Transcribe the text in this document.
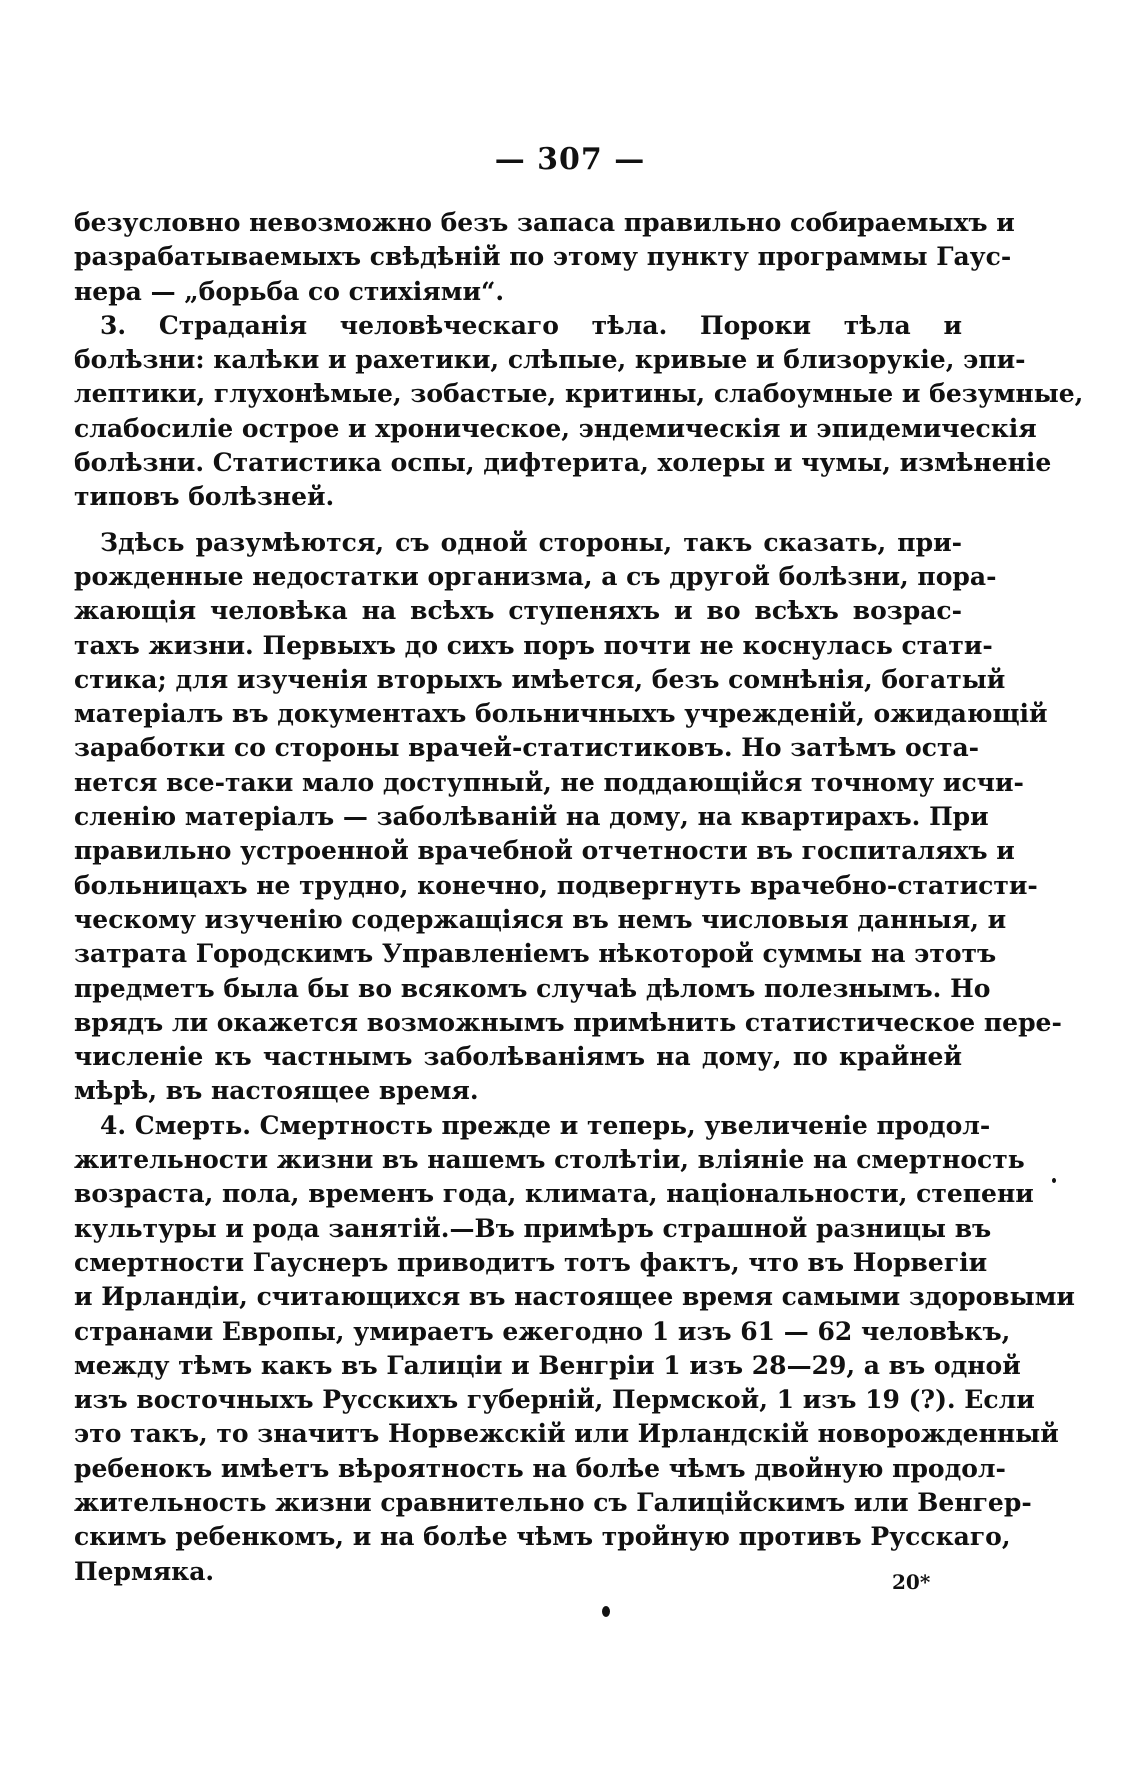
— 307 —
безусловно невозможно безъ запаса правильно собираемыхъ и
разрабатываемыхъ свѣдѣній по этому пункту программы Гаус-
нера — „борьба со стихіями“.
3. Страданія человѣческаго тѣла. Пороки тѣла и
болѣзни: калѣки и рахетики, слѣпые, кривые и близорукіе, эпи-
лептики, глухонѣмые, зобастые, критины, слабоумные и безумные,
слабосиліе острое и хроническое, эндемическія и эпидемическія
болѣзни. Статистика оспы, дифтерита, холеры и чумы, измѣненіе
типовъ болѣзней.
Здѣсь разумѣются, съ одной стороны, такъ сказать, при-
рожденные недостатки организма, а съ другой болѣзни, пора-
жающія человѣка на всѣхъ ступеняхъ и во всѣхъ возрас-
тахъ жизни. Первыхъ до сихъ поръ почти не коснулась стати-
стика; для изученія вторыхъ имѣется, безъ сомнѣнія, богатый
матеріалъ въ документахъ больничныхъ учрежденій, ожидающій
заработки со стороны врачей-статистиковъ. Но затѣмъ оста-
нется все-таки мало доступный, не поддающійся точному исчи-
сленію матеріалъ — заболѣваній на дому, на квартирахъ. При
правильно устроенной врачебной отчетности въ госпиталяхъ и
больницахъ не трудно, конечно, подвергнуть врачебно-статисти-
ческому изученію содержащіяся въ немъ числовыя данныя, и
затрата Городскимъ Управленіемъ нѣкоторой суммы на этотъ
предметъ была бы во всякомъ случаѣ дѣломъ полезнымъ. Но
врядъ ли окажется возможнымъ примѣнить статистическое пере-
численіе къ частнымъ заболѣваніямъ на дому, по крайней
мѣрѣ, въ настоящее время.
4. Смерть. Смертность прежде и теперь, увеличеніе продол-
жительности жизни въ нашемъ столѣтіи, вліяніе на смертность
возраста, пола, временъ года, климата, національности, степени
культуры и рода занятій.—Въ примѣръ страшной разницы въ
смертности Гауснеръ приводитъ тотъ фактъ, что въ Норвегіи
и Ирландіи, считающихся въ настоящее время самыми здоровыми
странами Европы, умираетъ ежегодно 1 изъ 61 — 62 человѣкъ,
между тѣмъ какъ въ Галиціи и Венгріи 1 изъ 28—29, а въ одной
изъ восточныхъ Русскихъ губерній, Пермской, 1 изъ 19 (?). Если
это такъ, то значитъ Норвежскій или Ирландскій новорожденный
ребенокъ имѣетъ вѣроятность на болѣе чѣмъ двойную продол-
жительность жизни сравнительно съ Галиційскимъ или Венгер-
скимъ ребенкомъ, и на болѣе чѣмъ тройную противъ Русскаго,
Пермяка.	20*
